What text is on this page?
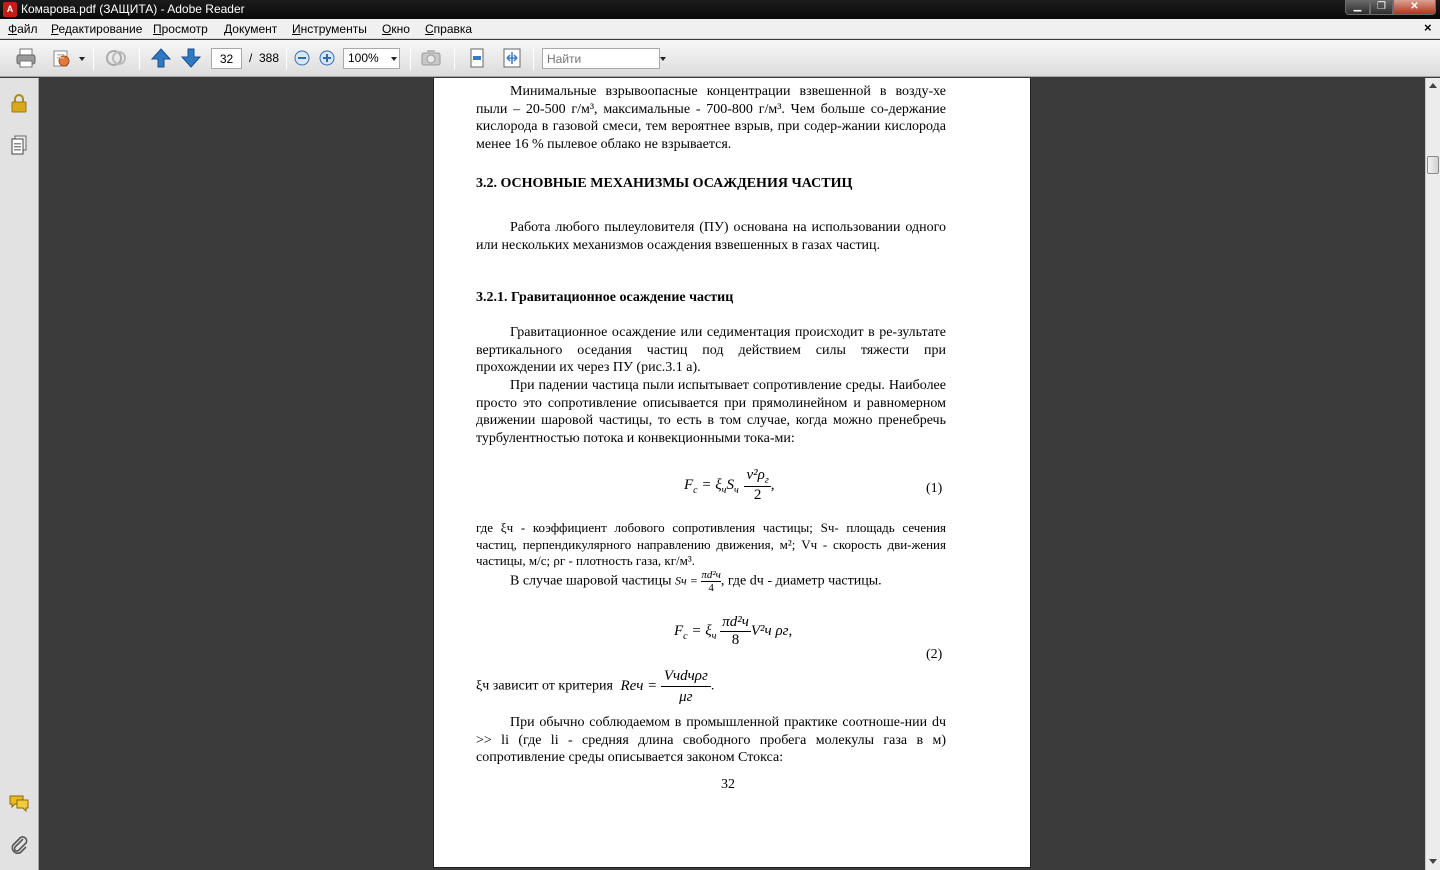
A Комарова.pdf (ЗАЩИТА) - Adobe Reader	▁	❐	✕
Файл Редактирование Просмотр Документ Инструменты Окно Справка	×
32
/ 388	100%
Найти
Минимальные взрывоопасные концентрации взвешенной в возду-хе пыли – 20-500 г/м³, максимальные - 700-800 г/м³. Чем больше со-держание кислорода в газовой смеси, тем вероятнее взрыв, при содер-жании кислорода менее 16 % пылевое облако не взрывается.
3.2. ОСНОВНЫЕ МЕХАНИЗМЫ ОСАЖДЕНИЯ ЧАСТИЦ
Работа любого пылеуловителя (ПУ) основана на использовании одного или нескольких механизмов осаждения взвешенных в газах частиц.
3.2.1. Гравитационное осаждение частиц
Гравитационное осаждение или седиментация происходит в ре-зультате вертикального оседания частиц под действием силы тяжести при прохождении их через ПУ (рис.3.1 а).
При падении частица пыли испытывает сопротивление среды. Наиболее просто это сопротивление описывается при прямолинейном и равномерном движении шаровой частицы, то есть в том случае, когда можно пренебречь турбулентностью потока и конвекционными тока-ми:
$F_c = \xi_чS_ч$
$v^2\rho_г$
2
,	(1)
где ξч - коэффициент лобового сопротивления частицы; Sч- площадь сечения частиц, перпендикулярного направлению движения, м²; Vч - скорость дви-жения частицы, м/с; ρг - плотность газа, кг/м³.
В случае шаровой частицы Sч = πd²ч
4 , где dч - диаметр частицы.
$F_c = \xi_ч$
πd²ч
8
V²ч ρг,
(2)
ξч зависит от критерия Reч =
Vчdчρг
μг
.
При обычно соблюдаемом в промышленной практике соотноше-нии dч >> li (где li - средняя длина свободного пробега молекулы газа в м) сопротивление среды описывается законом Стокса:
32
